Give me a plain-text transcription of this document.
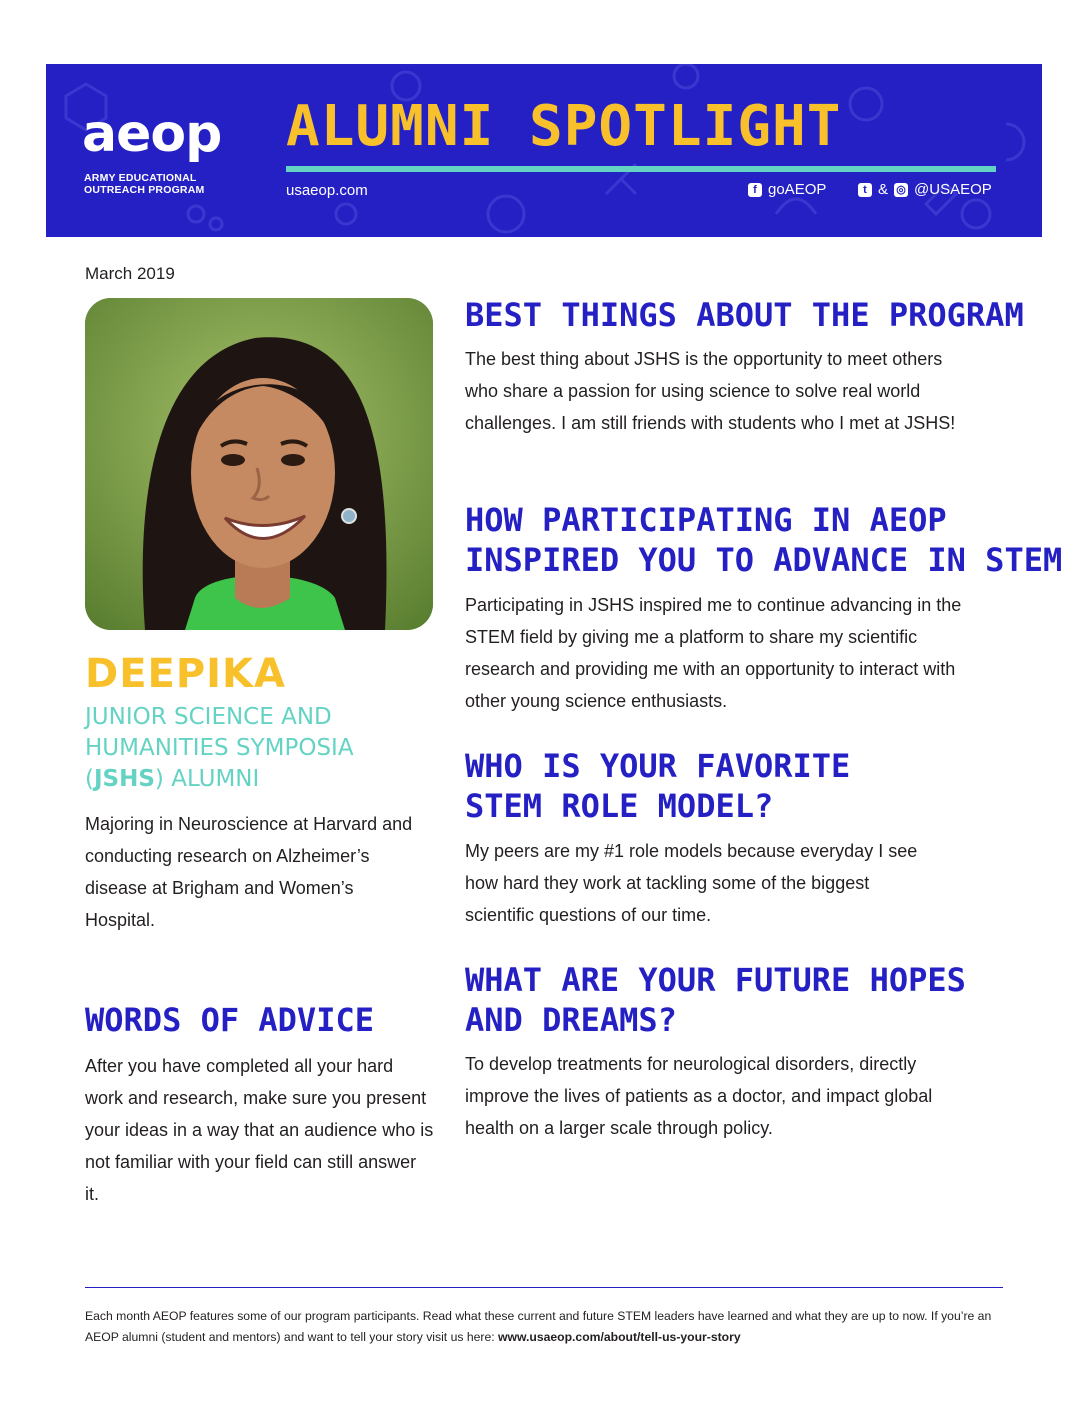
aeop
ARMY EDUCATIONAL
OUTREACH PROGRAM
ALUMNI SPOTLIGHT
usaeop.com	f goAEOP	t & ◎ @USAEOP
March 2019
DEEPIKA
JUNIOR SCIENCE AND
HUMANITIES SYMPOSIA
(JSHS) ALUMNI
Majoring in Neuroscience at Harvard and conducting research on Alzheimer’s disease at Brigham and Women’s Hospital.
WORDS OF ADVICE
After you have completed all your hard work and research, make sure you present your ideas in a way that an audience who is not familiar with your field can still answer it.
BEST THINGS ABOUT THE PROGRAM
The best thing about JSHS is the opportunity to meet others who share a passion for using science to solve real world challenges. I am still friends with students who I met at JSHS!
HOW PARTICIPATING IN AEOP
INSPIRED YOU TO ADVANCE IN STEM
Participating in JSHS inspired me to continue advancing in the STEM field by giving me a platform to share my scientific research and providing me with an opportunity to interact with other young science enthusiasts.
WHO IS YOUR FAVORITE
STEM ROLE MODEL?
My peers are my #1 role models because everyday I see how hard they work at tackling some of the biggest scientific questions of our time.
WHAT ARE YOUR FUTURE HOPES
AND DREAMS?
To develop treatments for neurological disorders, directly improve the lives of patients as a doctor, and impact global health on a larger scale through policy.
Each month AEOP features some of our program participants. Read what these current and future STEM leaders have learned and what they are up to now. If you’re an AEOP alumni (student and mentors) and want to tell your story visit us here: www.usaeop.com/about/tell-us-your-story
